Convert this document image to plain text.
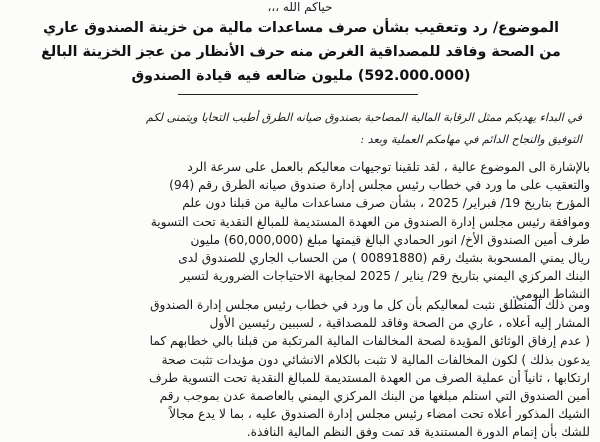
حياكم الله ،،،
الموضوع/ رد وتعقيب بشأن صرف مساعدات مالية من خزينة الصندوق عاري
من الصحة وفاقد للمصداقية الغرض منه حرف الأنظار من عجز الخزينة البالغ
(592.000.000) مليون ضالعه فيه قيادة الصندوق
في البداء يهديكم ممثل الرقابة المالية المصاحبة بصندوق صيانه الطرق أطيب التحايا ويتمنى لكم
التوفيق والنجاح الدائم في مهامكم العملية وبعد :
بالإشارة الى الموضوع عالية ، لقد تلقينا توجيهات معاليكم بالعمل على سرعة الرد
والتعقيب على ما ورد في خطاب رئيس مجلس إدارة صندوق صيانه الطرق رقم (94)
المؤرخ بتاريخ 19/ فبراير/ 2025 ، بشأن صرف مساعدات مالية من قبلنا دون علم
وموافقة رئيس مجلس إدارة الصندوق من العهدة المستديمة للمبالغ النقدية تحت التسوية
طرف أمين الصندوق الأخ/ انور الحمادي البالغ قيمتها مبلغ (60,000,000) مليون
ريال يمني المسحوبة بشيك رقم (00891880 ) من الحساب الجاري للصندوق لدى
البنك المركزي اليمني بتاريخ 29/ يناير / 2025 لمجابهة الاحتياجات الضرورية لتسير
النشاط اليومي.
ومن ذلك المنطلق نثبت لمعاليكم بأن كل ما ورد في خطاب رئيس مجلس إدارة الصندوق
المشار إليه أعلاه ، عاري من الصحة وفاقد للمصداقية ، لسببين رئيسين الأول
( عدم إرفاق الوثائق المؤيدة لصحة المخالفات المالية المرتكبة من قبلنا بالي خطابهم كما
يدعون بذلك ) لكون المخالفات المالية لا تثبت بالكلام الانشائي دون مؤيدات تثبت صحة
ارتكابها ، ثانياً أن عملية الصرف من العهدة المستديمة للمبالغ النقدية تحت التسوية طرف
أمين الصندوق التي استلم مبلغها من البنك المركزي اليمني بالعاصمة عدن بموجب رقم
الشيك المذكور أعلاه تحت امضاء رئيس مجلس إدارة الصندوق عليه ، بما لا يدع مجالاً
للشك بأن إتمام الدورة المستندية قد تمت وفق النظم المالية النافذة.
